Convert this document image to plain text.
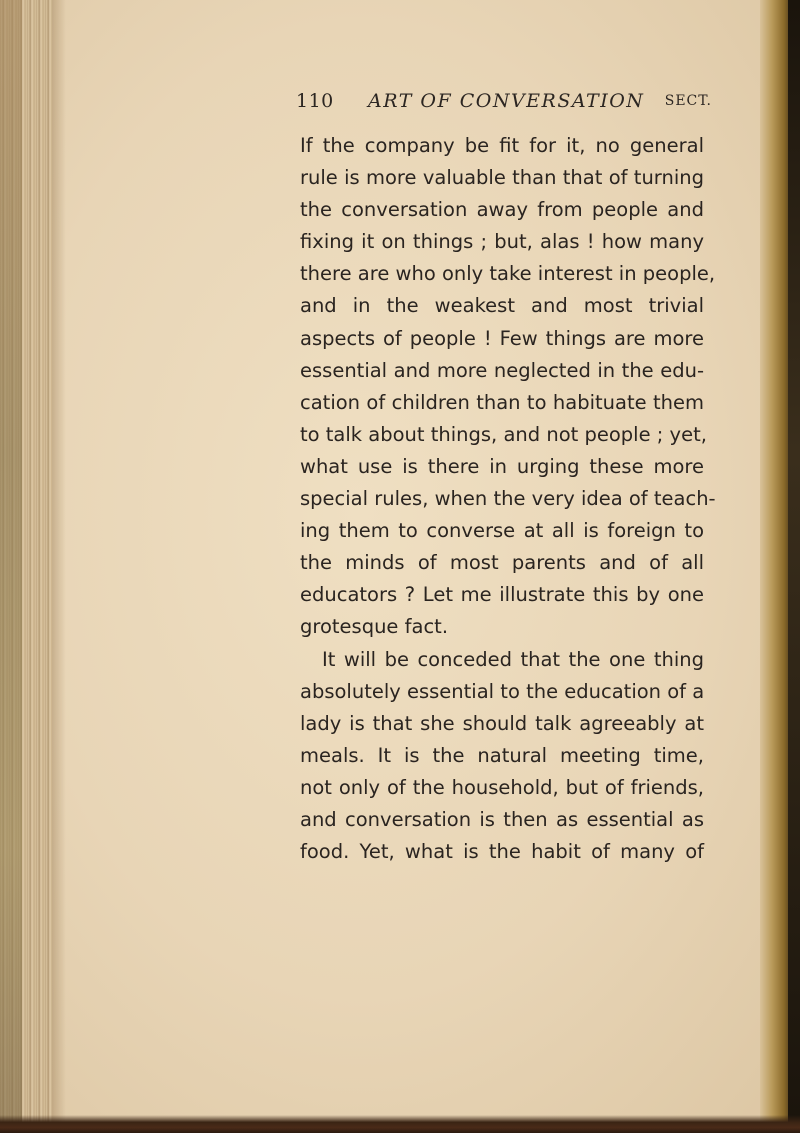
110 ART OF CONVERSATION SECT.
If the company be fit for it, no general
rule is more valuable than that of turning
the conversation away from people and
fixing it on things ; but, alas ! how many
there are who only take interest in people,
and in the weakest and most trivial
aspects of people ! Few things are more
essential and more neglected in the edu-
cation of children than to habituate them
to talk about things, and not people ; yet,
what use is there in urging these more
special rules, when the very idea of teach-
ing them to converse at all is foreign to
the minds of most parents and of all
educators ? Let me illustrate this by one
grotesque fact.
It will be conceded that the one thing
absolutely essential to the education of a
lady is that she should talk agreeably at
meals. It is the natural meeting time,
not only of the household, but of friends,
and conversation is then as essential as
food. Yet, what is the habit of many of
